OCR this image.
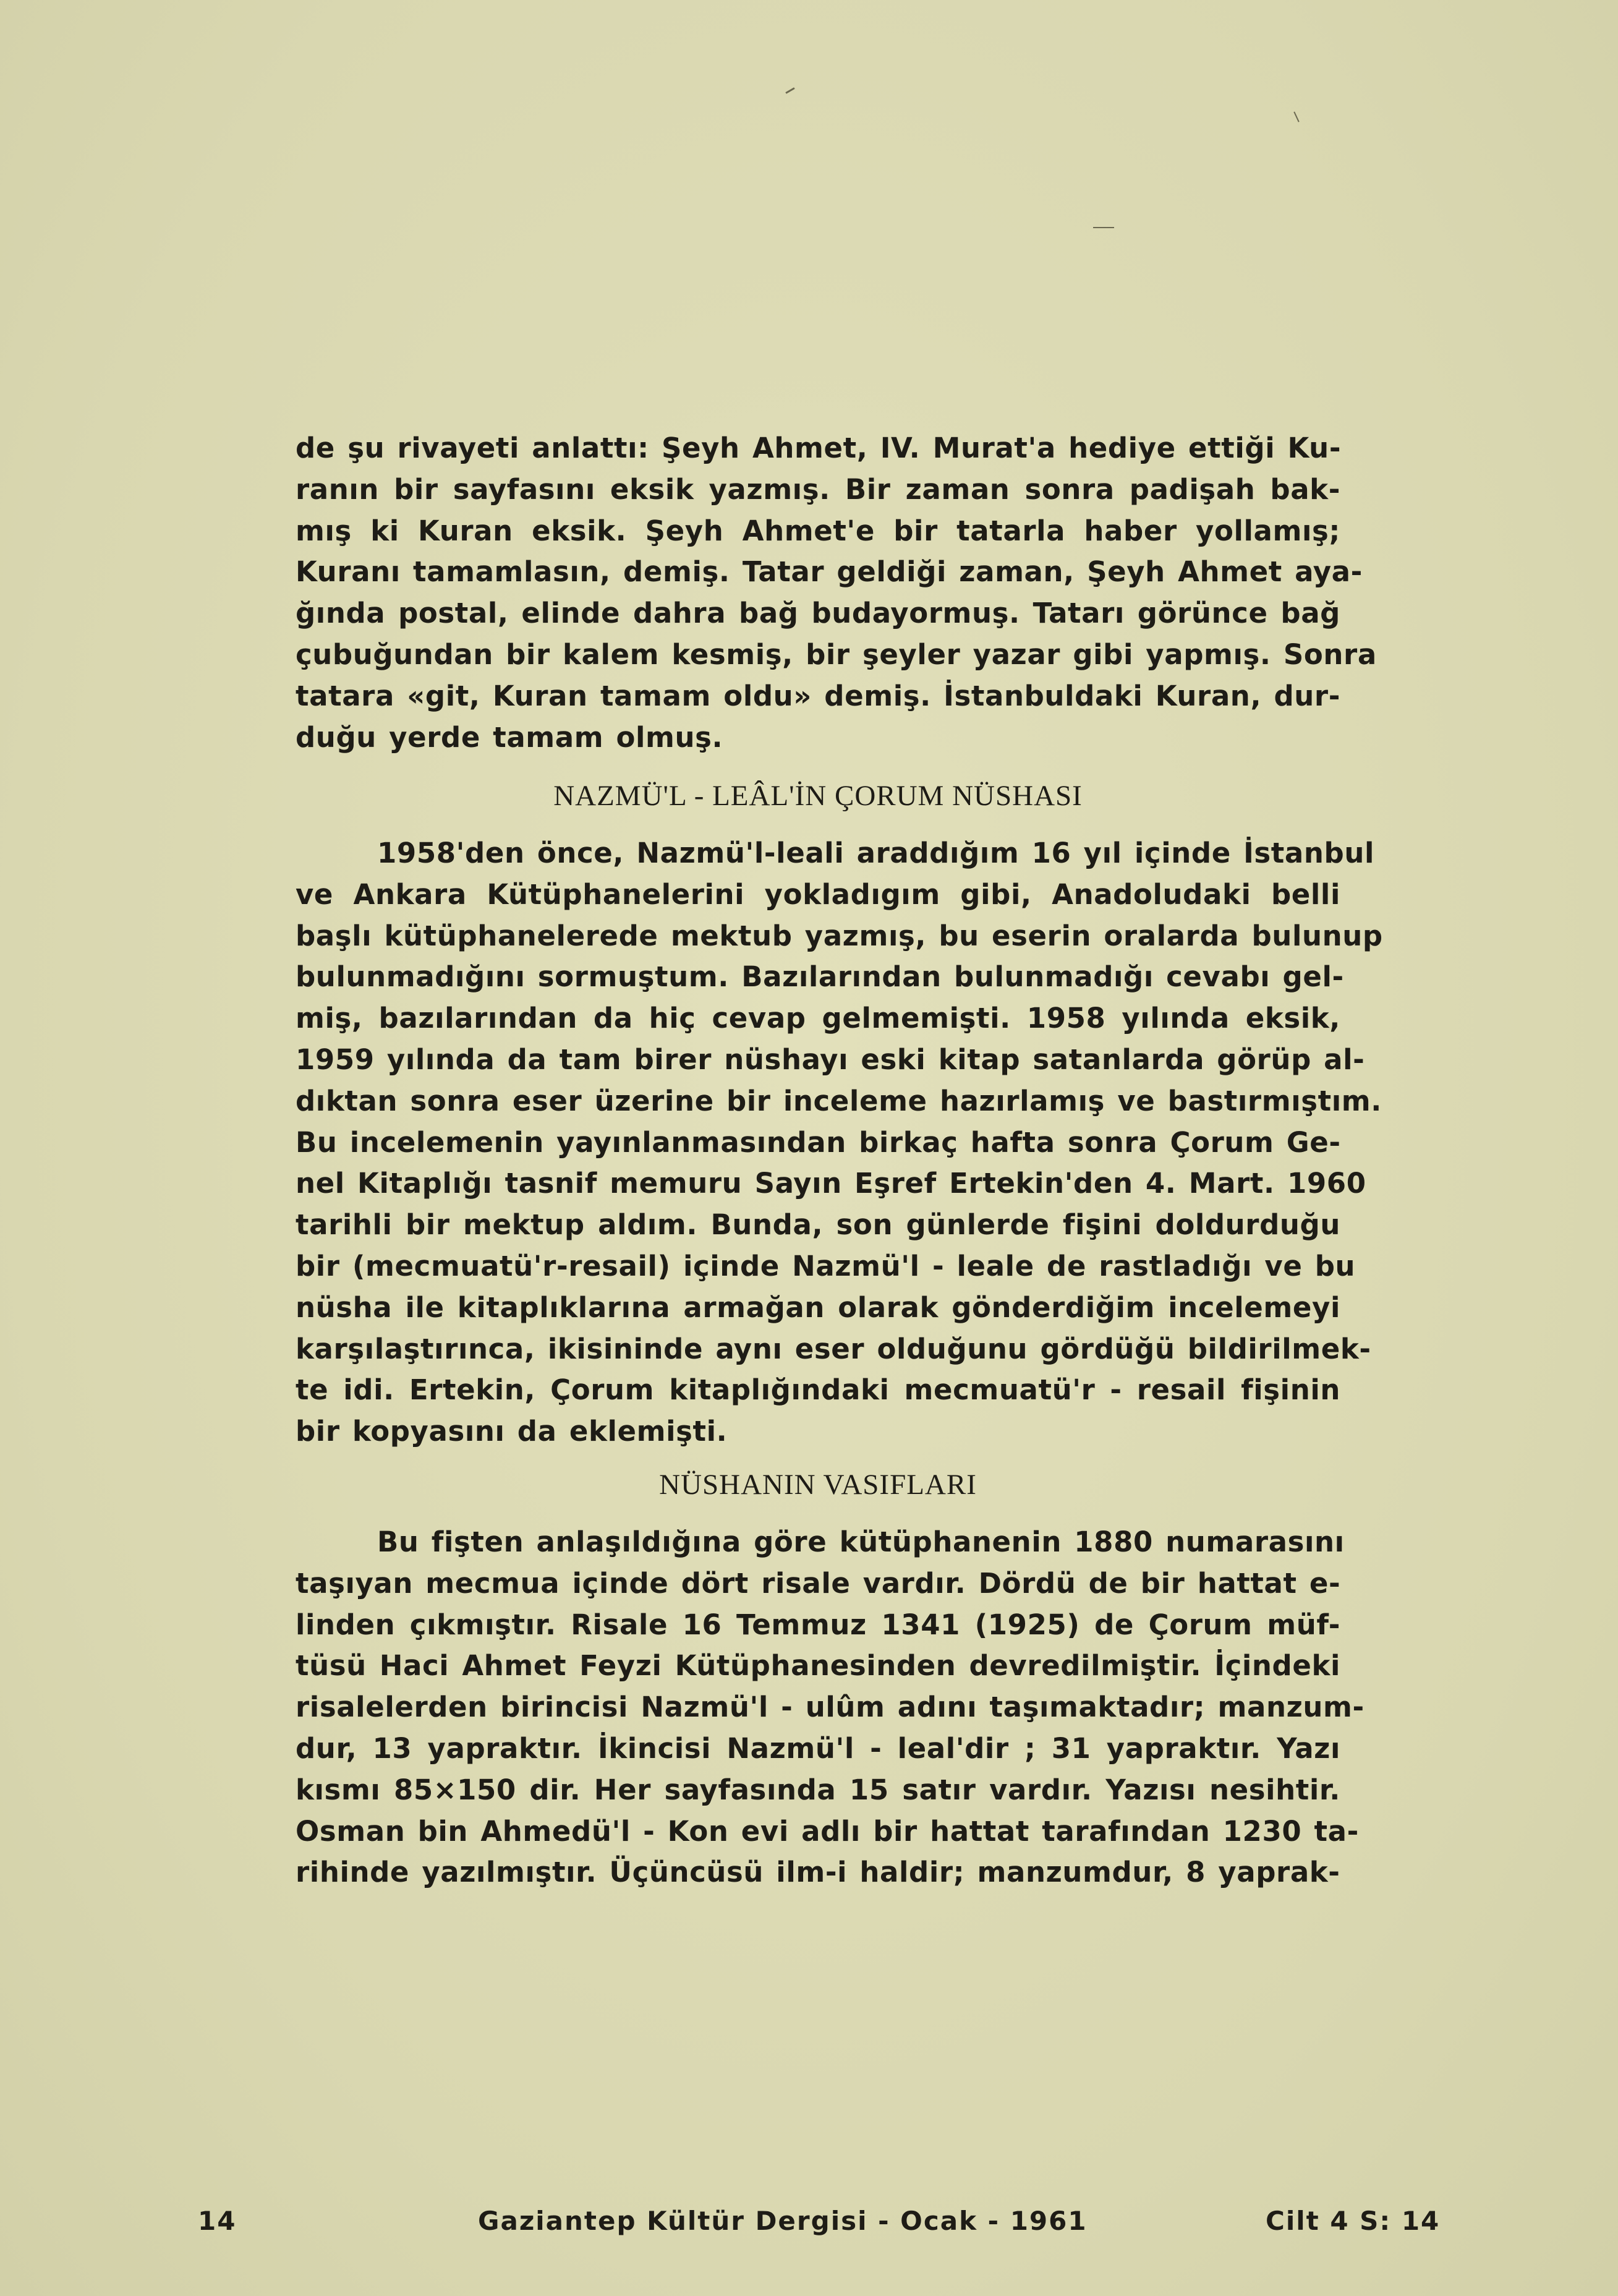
de şu rivayeti anlattı: Şeyh Ahmet, IV. Murat'a hediye ettiği Ku-
ranın bir sayfasını eksik yazmış. Bir zaman sonra padişah bak-
mış ki Kuran eksik. Şeyh Ahmet'e bir tatarla haber yollamış;
Kuranı tamamlasın, demiş. Tatar geldiği zaman, Şeyh Ahmet aya-
ğında postal, elinde dahra bağ budayormuş. Tatarı görünce bağ
çubuğundan bir kalem kesmiş, bir şeyler yazar gibi yapmış. Sonra
tatara «git, Kuran tamam oldu» demiş. İstanbuldaki Kuran, dur-
duğu yerde tamam olmuş.

NAZMÜ'L - LEÂL'İN ÇORUM NÜSHASI

1958'den önce, Nazmü'l-leali araddığım 16 yıl içinde İstanbul
ve Ankara Kütüphanelerini yokladıgım gibi, Anadoludaki belli
başlı kütüphanelerede mektub yazmış, bu eserin oralarda bulunup
bulunmadığını sormuştum. Bazılarından bulunmadığı cevabı gel-
miş, bazılarından da hiç cevap gelmemişti. 1958 yılında eksik,
1959 yılında da tam birer nüshayı eski kitap satanlarda görüp al-
dıktan sonra eser üzerine bir inceleme hazırlamış ve bastırmıştım.
Bu incelemenin yayınlanmasından birkaç hafta sonra Çorum Ge-
nel Kitaplığı tasnif memuru Sayın Eşref Ertekin'den 4. Mart. 1960
tarihli bir mektup aldım. Bunda, son günlerde fişini doldurduğu
bir (mecmuatü'r-resail) içinde Nazmü'l - leale de rastladığı ve bu
nüsha ile kitaplıklarına armağan olarak gönderdiğim incelemeyi
karşılaştırınca, ikisininde aynı eser olduğunu gördüğü bildirilmek-
te idi. Ertekin, Çorum kitaplığındaki mecmuatü'r - resail fişinin
bir kopyasını da eklemişti.

NÜSHANIN VASIFLARI

Bu fişten anlaşıldığına göre kütüphanenin 1880 numarasını
taşıyan mecmua içinde dört risale vardır. Dördü de bir hattat e-
linden çıkmıştır. Risale 16 Temmuz 1341 (1925) de Çorum müf-
tüsü Haci Ahmet Feyzi Kütüphanesinden devredilmiştir. İçindeki
risalelerden birincisi Nazmü'l - ulûm adını taşımaktadır; manzum-
dur, 13 yapraktır. İkincisi Nazmü'l - leal'dir ; 31 yapraktır. Yazı
kısmı 85×150 dir. Her sayfasında 15 satır vardır. Yazısı nesihtir.
Osman bin Ahmedü'l - Kon evi adlı bir hattat tarafından 1230 ta-
rihinde yazılmıştır. Üçüncüsü ilm-i haldir; manzumdur, 8 yaprak-

14	Gaziantep Kültür Dergisi - Ocak - 1961	Cilt 4 S: 14
